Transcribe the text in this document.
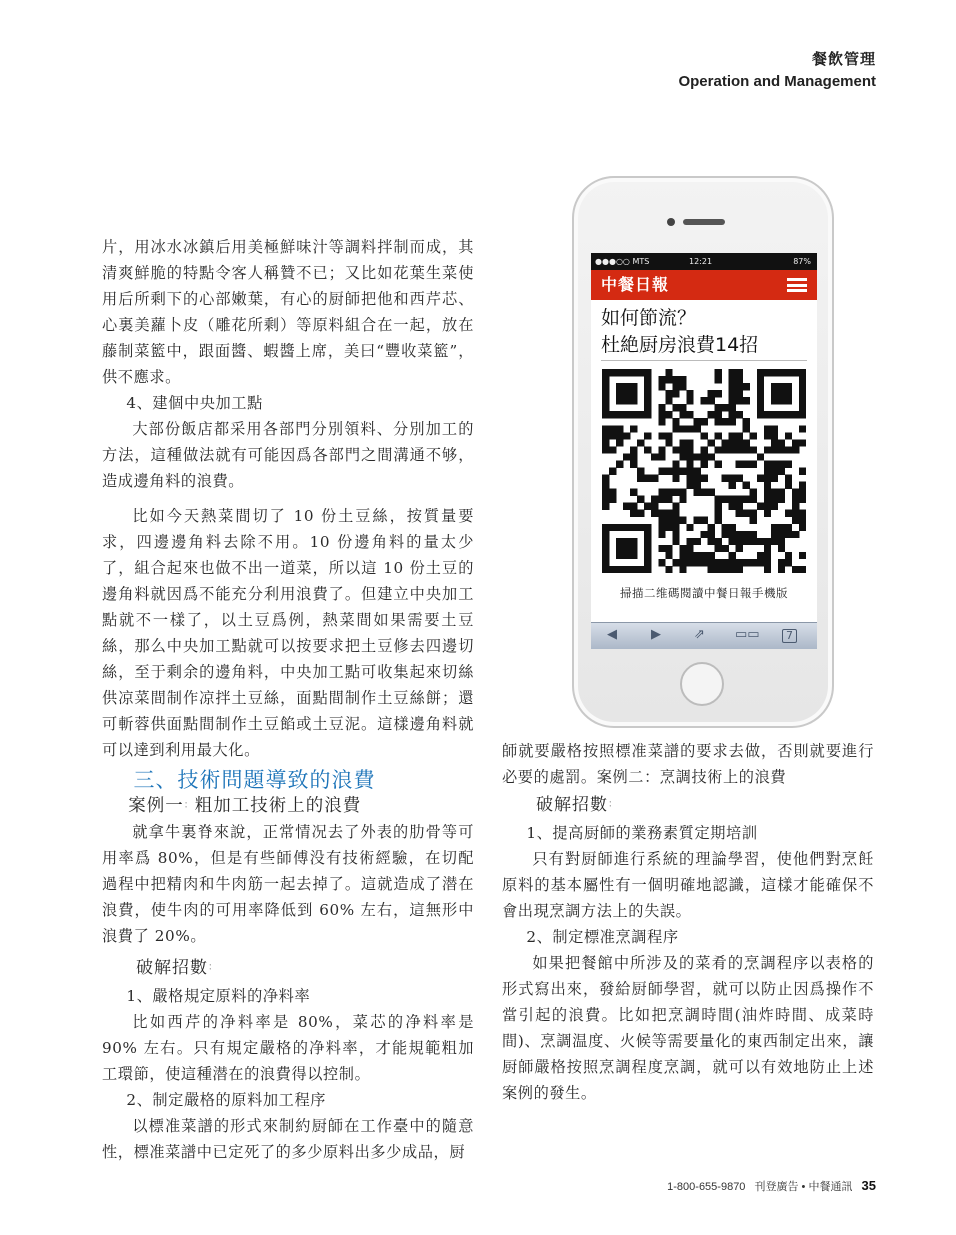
餐飲管理
Operation and Management

片，用冰水冰鎮后用美極鮮味汁等調料拌制而成，其清爽鮮脆的特點令客人稱贊不已；又比如花葉生菜使用后所剩下的心部嫩葉，有心的厨師把他和西芹芯、心裏美蘿卜皮（雕花所剩）等原料組合在一起，放在藤制菜籃中，跟面醬、蝦醬上席，美曰“豐收菜籃”，供不應求。

4、建個中央加工點

大部份飯店都采用各部門分別領料、分別加工的方法，這種做法就有可能因爲各部門之間溝通不够，造成邊角料的浪費。

比如今天熱菜間切了 10 份土豆絲，按質量要求，四邊邊角料去除不用。10 份邊角料的量太少了，組合起來也做不出一道菜，所以這 10 份土豆的邊角料就因爲不能充分利用浪費了。但建立中央加工點就不一樣了，以土豆爲例，熱菜間如果需要土豆絲，那么中央加工點就可以按要求把土豆修去四邊切絲，至于剩余的邊角料，中央加工點可收集起來切絲供凉菜間制作凉拌土豆絲，面點間制作土豆絲餅；還可斬蓉供面點間制作土豆餡或土豆泥。這樣邊角料就可以達到利用最大化。

三、技術問題導致的浪費
案例一：粗加工技術上的浪費

就拿牛裏脊來說，正常情况去了外表的肋骨等可用率爲 80%，但是有些師傅没有技術經驗，在切配過程中把精肉和牛肉筋一起去掉了。這就造成了潜在浪費，使牛肉的可用率降低到 60% 左右，這無形中浪費了 20%。

破解招數：

1、嚴格規定原料的净料率

比如西芹的净料率是 80%，菜芯的净料率是 90% 左右。只有規定嚴格的净料率，才能規範粗加工環節，使這種潜在的浪費得以控制。

2、制定嚴格的原料加工程序

以標准菜譜的形式來制約厨師在工作臺中的隨意性，標准菜譜中已定死了的多少原料出多少成品，厨

師就要嚴格按照標准菜譜的要求去做，否則就要進行必要的處罰。案例二：烹調技術上的浪費

破解招數：

1、提高厨師的業務素質定期培訓

只有對厨師進行系統的理論學習，使他們對烹飪原料的基本屬性有一個明確地認識，這樣才能確保不會出現烹調方法上的失誤。

2、制定標准烹調程序

如果把餐館中所涉及的菜肴的烹調程序以表格的形式寫出來，發給厨師學習，就可以防止因爲操作不當引起的浪費。比如把烹調時間(油炸時間、成菜時間)、烹調温度、火候等需要量化的東西制定出來，讓厨師嚴格按照烹調程度烹調，就可以有效地防止上述案例的發生。

●●●○○ MTS	12:21	87%
中餐日報
如何節流？
杜絶厨房浪費14招
掃描二维碼閱讀中餐日報手機版
◀	▶	⇗ ▭▭	7
1-800-655-9870 刊登廣告 • 中餐通訊 35
